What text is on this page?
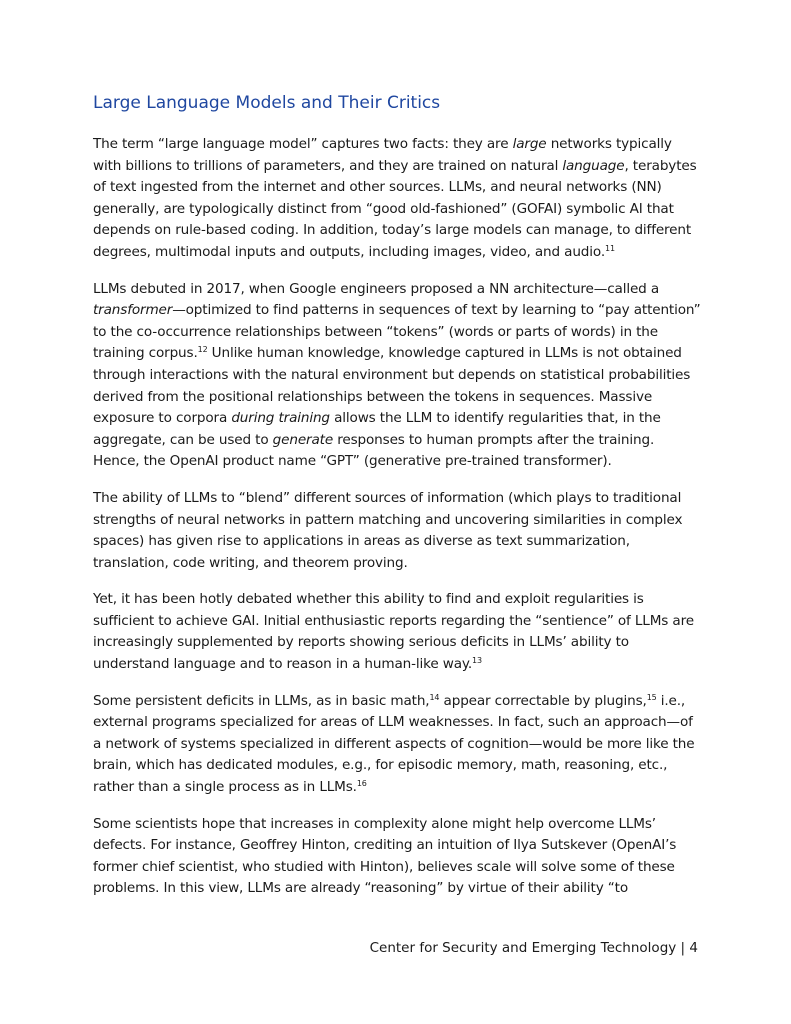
Large Language Models and Their Critics

The term “large language model” captures two facts: they are large networks typically with billions to trillions of parameters, and they are trained on natural language, terabytes of text ingested from the internet and other sources. LLMs, and neural networks (NN) generally, are typologically distinct from “good old-fashioned” (GOFAI) symbolic AI that depends on rule-based coding. In addition, today’s large models can manage, to different degrees, multimodal inputs and outputs, including images, video, and audio.$^{11}$

LLMs debuted in 2017, when Google engineers proposed a NN architecture—called a transformer—optimized to find patterns in sequences of text by learning to “pay attention” to the co-occurrence relationships between “tokens” (words or parts of words) in the training corpus.$^{12}$ Unlike human knowledge, knowledge captured in LLMs is not obtained through interactions with the natural environment but depends on statistical probabilities derived from the positional relationships between the tokens in sequences. Massive exposure to corpora during training allows the LLM to identify regularities that, in the aggregate, can be used to generate responses to human prompts after the training. Hence, the OpenAI product name “GPT” (generative pre-trained transformer).

The ability of LLMs to “blend” different sources of information (which plays to traditional strengths of neural networks in pattern matching and uncovering similarities in complex spaces) has given rise to applications in areas as diverse as text summarization, translation, code writing, and theorem proving.

Yet, it has been hotly debated whether this ability to find and exploit regularities is sufficient to achieve GAI. Initial enthusiastic reports regarding the “sentience” of LLMs are increasingly supplemented by reports showing serious deficits in LLMs’ ability to understand language and to reason in a human-like way.$^{13}$

Some persistent deficits in LLMs, as in basic math,$^{14}$ appear correctable by plugins,$^{15}$ i.e., external programs specialized for areas of LLM weaknesses. In fact, such an approach—of a network of systems specialized in different aspects of cognition—would be more like the brain, which has dedicated modules, e.g., for episodic memory, math, reasoning, etc., rather than a single process as in LLMs.$^{16}$

Some scientists hope that increases in complexity alone might help overcome LLMs’ defects. For instance, Geoffrey Hinton, crediting an intuition of Ilya Sutskever (OpenAI’s former chief scientist, who studied with Hinton), believes scale will solve some of these problems. In this view, LLMs are already “reasoning” by virtue of their ability “to

Center for Security and Emerging Technology | 4
